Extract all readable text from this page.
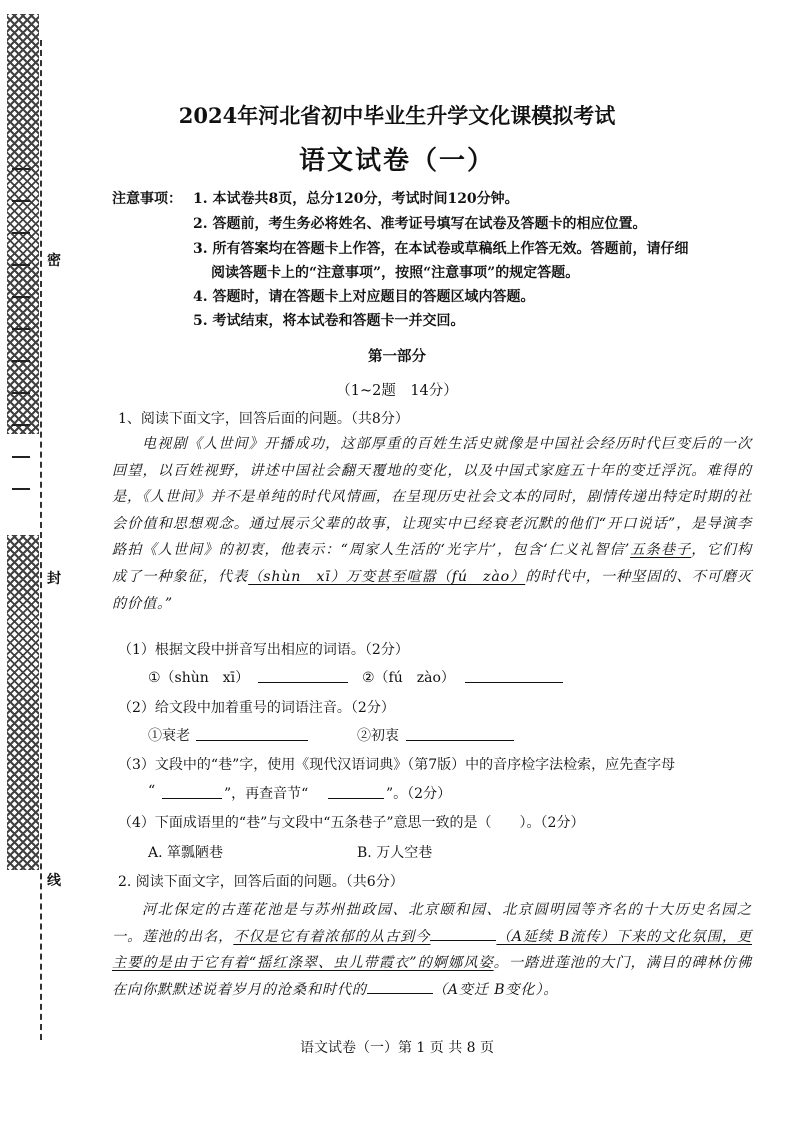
密
封
线
2024年河北省初中毕业生升学文化课模拟考试
语文试卷（一）
注意事项： 1. 本试卷共8页，总分120分，考试时间120分钟。
2. 答题前，考生务必将姓名、准考证号填写在试卷及答题卡的相应位置。
3. 所有答案均在答题卡上作答，在本试卷或草稿纸上作答无效。答题前，请仔细
阅读答题卡上的“注意事项”，按照“注意事项”的规定答题。
4. 答题时，请在答题卡上对应题目的答题区域内答题。
5. 考试结束，将本试卷和答题卡一并交回。
第一部分
（1~2题　14分）
1、阅读下面文字，回答后面的问题。（共8分）
电视剧《人世间》开播成功，这部厚重的百姓生活史就像是中国社会经历时代巨变后的一次回望，以百姓视野，讲述中国社会翻天覆地的变化，以及中国式家庭五十年的变迁浮沉。难得的是，《人世间》并不是单纯的时代风情画，在呈现历史社会文本的同时，剧情传递出特定时期的社会价值和思想观念。通过展示父辈的故事，让现实中已经衰老沉默的他们“开口说话”，是导演李路拍《人世间》的初衷，他表示：“周家人生活的‘光字片’，包含‘仁义礼智信’五条巷子，它们构成了一种象征，代表（shùn　xī）万变甚至喧嚣（fú　zào）的时代中，一种坚固的、不可磨灭的价值。”
（1）根据文段中拼音写出相应的词语。（2分）
①（shùn　xī）	②（fú　zào）
（2）给文段中加着重号的词语注音。（2分）
①衰老	②初衷
（3）文段中的“巷”字，使用《现代汉语词典》（第7版）中的音序检字法检索，应先查字母
“	”，再查音节“	”。（2分）
（4）下面成语里的“巷”与文段中“五条巷子”意思一致的是（　　）。（2分）
A. 箪瓢陋巷	B. 万人空巷
2. 阅读下面文字，回答后面的问题。（共6分）
河北保定的古莲花池是与苏州拙政园、北京颐和园、北京圆明园等齐名的十大历史名园之一。莲池的出名，不仅是它有着浓郁的从古到今	（A延续 B流传）下来的文化氛围，更主要的是由于它有着“摇红涤翠、虫儿带霞衣”的婀娜风姿。一踏进莲池的大门，满目的碑林仿佛在向你默默述说着岁月的沧桑和时代的	（A变迁 B变化）。
语文试卷（一）第 1 页 共 8 页
